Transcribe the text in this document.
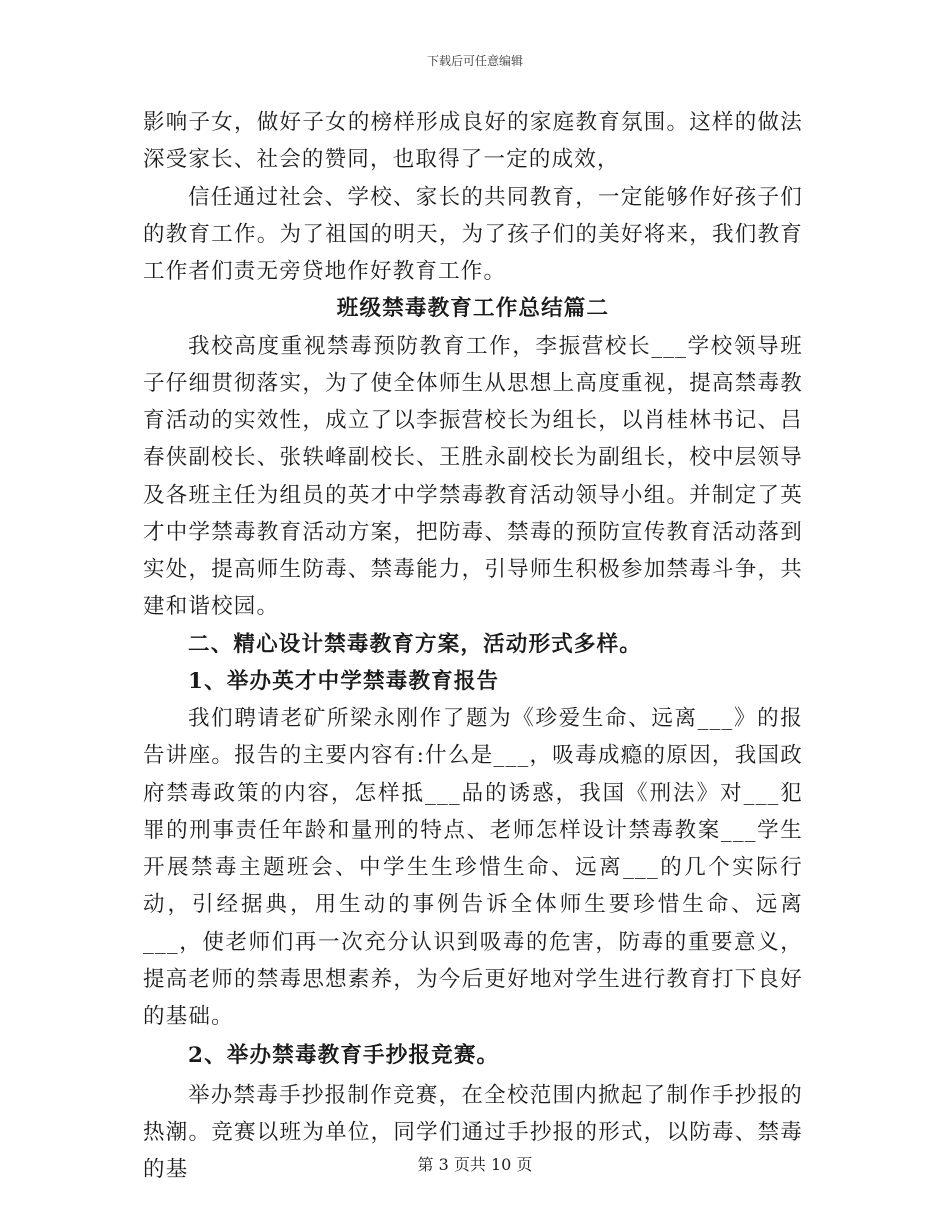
下载后可任意编辑

影响子女，做好子女的榜样形成良好的家庭教育氛围。这样的做法深受家长、社会的赞同，也取得了一定的成效，

信任通过社会、学校、家长的共同教育，一定能够作好孩子们的教育工作。为了祖国的明天，为了孩子们的美好将来，我们教育工作者们责无旁贷地作好教育工作。

班级禁毒教育工作总结篇二

我校高度重视禁毒预防教育工作，李振营校长___学校领导班子仔细贯彻落实，为了使全体师生从思想上高度重视，提高禁毒教育活动的实效性，成立了以李振营校长为组长，以肖桂林书记、吕春侠副校长、张轶峰副校长、王胜永副校长为副组长，校中层领导及各班主任为组员的英才中学禁毒教育活动领导小组。并制定了英才中学禁毒教育活动方案，把防毒、禁毒的预防宣传教育活动落到实处，提高师生防毒、禁毒能力，引导师生积极参加禁毒斗争，共建和谐校园。

二、精心设计禁毒教育方案，活动形式多样。

1、举办英才中学禁毒教育报告

我们聘请老矿所梁永刚作了题为《珍爱生命、远离___》的报告讲座。报告的主要内容有:什么是___，吸毒成瘾的原因，我国政府禁毒政策的内容，怎样抵___品的诱惑，我国《刑法》对___犯罪的刑事责任年龄和量刑的特点、老师怎样设计禁毒教案___学生开展禁毒主题班会、中学生生珍惜生命、远离___的几个实际行动，引经据典，用生动的事例告诉全体师生要珍惜生命、远离___，使老师们再一次充分认识到吸毒的危害，防毒的重要意义，提高老师的禁毒思想素养，为今后更好地对学生进行教育打下良好的基础。

2、举办禁毒教育手抄报竞赛。

举办禁毒手抄报制作竞赛，在全校范围内掀起了制作手抄报的热潮。竞赛以班为单位，同学们通过手抄报的形式，以防毒、禁毒的基	第 3 页共 10 页
